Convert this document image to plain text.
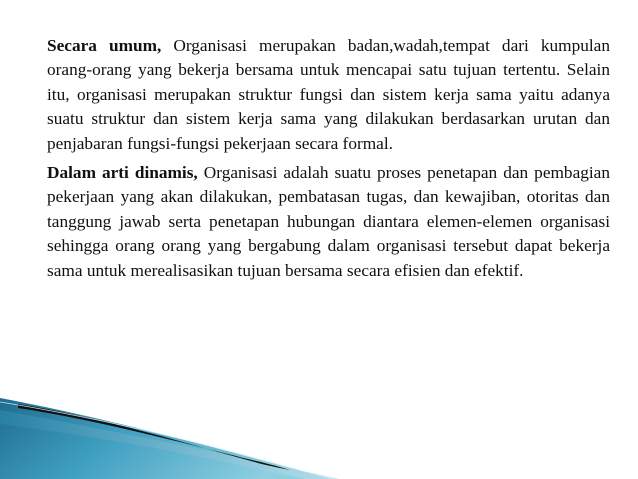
Secara umum, Organisasi merupakan badan,wadah,tempat dari kumpulan orang-orang yang bekerja bersama untuk mencapai satu tujuan tertentu. Selain itu, organisasi merupakan struktur fungsi dan sistem kerja sama yaitu adanya suatu struktur dan sistem kerja sama yang dilakukan berdasarkan urutan dan penjabaran fungsi-fungsi pekerjaan secara formal.

Dalam arti dinamis, Organisasi adalah suatu proses penetapan dan pembagian pekerjaan yang akan dilakukan, pembatasan tugas, dan kewajiban, otoritas dan tanggung jawab serta penetapan hubungan diantara elemen-elemen organisasi sehingga orang orang yang bergabung dalam organisasi tersebut dapat bekerja sama untuk merealisasikan tujuan bersama secara efisien dan efektif.
